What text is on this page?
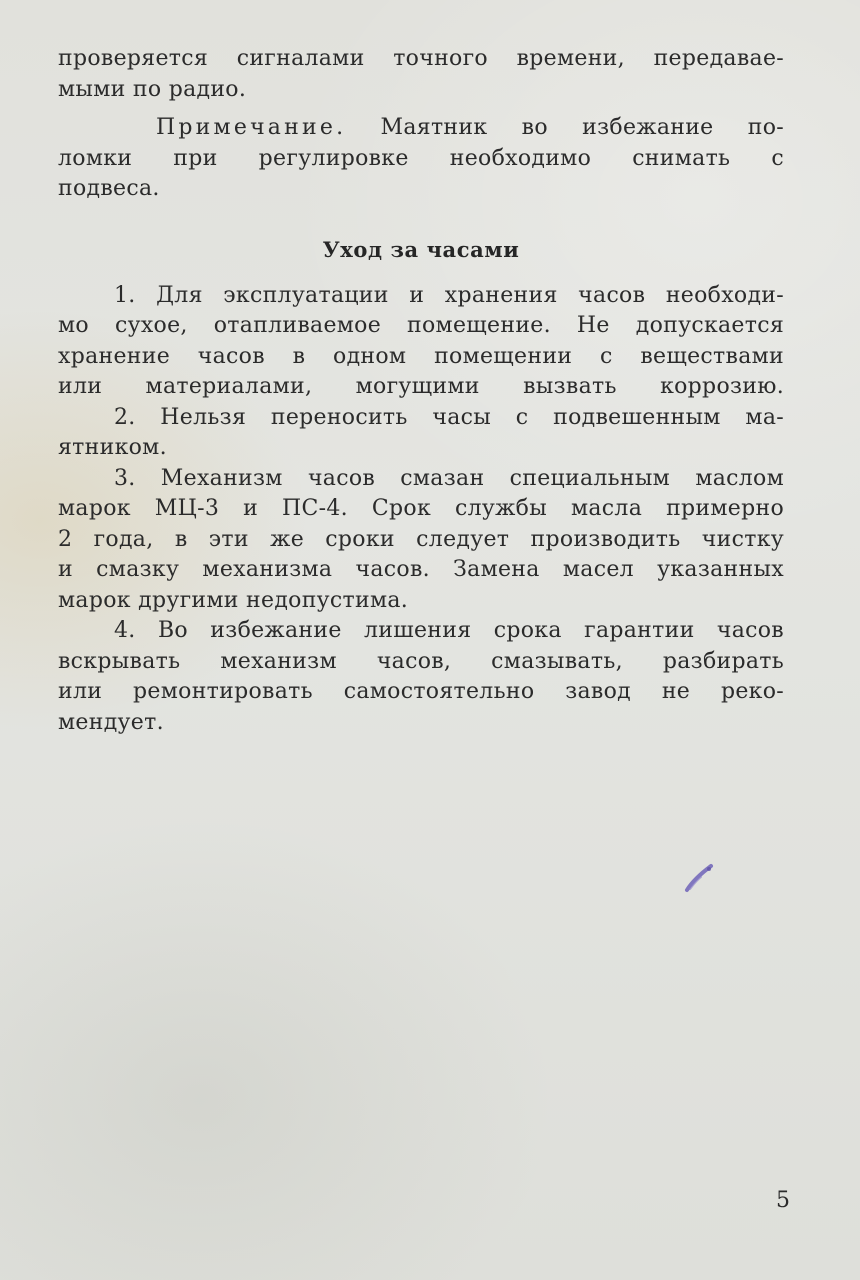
проверяется сигналами точного времени, передавае-
мыми по радио.
Примечание. Маятник во избежание по-
ломки при регулировке необходимо снимать с
подвеса.
Уход за часами
1. Для эксплуатации и хранения часов необходи-
мо сухое, отапливаемое помещение. Не допускается
хранение часов в одном помещении с веществами
или материалами, могущими вызвать коррозию.
2. Нельзя переносить часы с подвешенным ма-
ятником.
3. Механизм часов смазан специальным маслом
марок МЦ-3 и ПС-4. Срок службы масла примерно
2 года, в эти же сроки следует производить чистку
и смазку механизма часов. Замена масел указанных
марок другими недопустима.
4. Во избежание лишения срока гарантии часов
вскрывать механизм часов, смазывать, разбирать
или ремонтировать самостоятельно завод не реко-
мендует.
5
